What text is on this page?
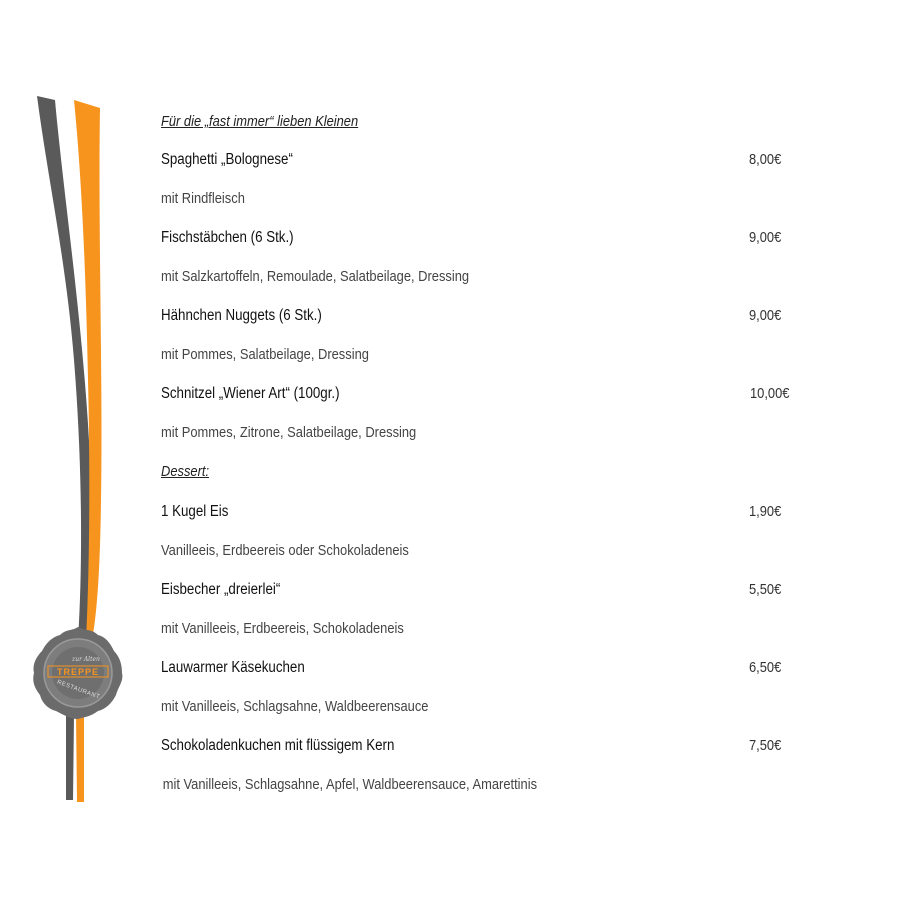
zur Alten
TREPPE
RESTAURANT
Für die „fast immer“ lieben Kleinen
Spaghetti „Bolognese“	8,00€
mit Rindfleisch
Fischstäbchen (6 Stk.)	9,00€
mit Salzkartoffeln, Remoulade, Salatbeilage, Dressing
Hähnchen Nuggets (6 Stk.)	9,00€
mit Pommes, Salatbeilage, Dressing
Schnitzel „Wiener Art“ (100gr.)	10,00€
mit Pommes, Zitrone, Salatbeilage, Dressing
Dessert:
1 Kugel Eis	1,90€
Vanilleeis, Erdbeereis oder Schokoladeneis
Eisbecher „dreierlei“	5,50€
mit Vanilleeis, Erdbeereis, Schokoladeneis
Lauwarmer Käsekuchen	6,50€
mit Vanilleeis, Schlagsahne, Waldbeerensauce
Schokoladenkuchen mit flüssigem Kern	7,50€
mit Vanilleeis, Schlagsahne, Apfel, Waldbeerensauce, Amarettinis
